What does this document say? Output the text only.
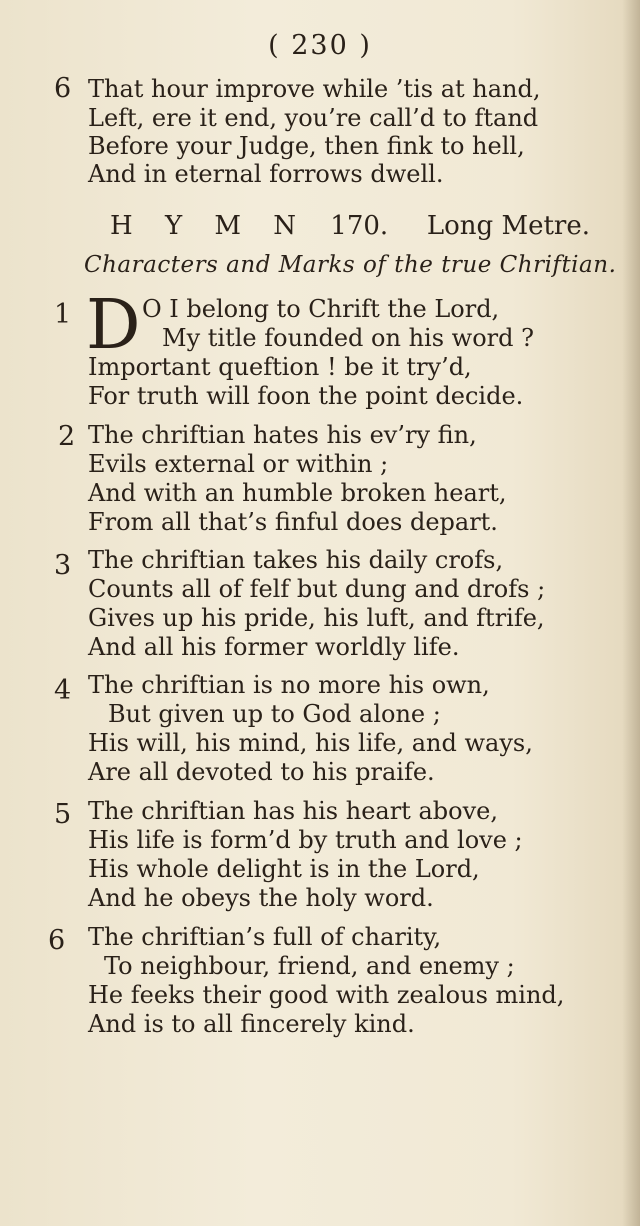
( 230 )
6 That hour improve while ’tis at hand,
Left, ere it end, you’re call’d to ftand
Before your Judge, then fink to hell,
And in eternal forrows dwell.
H Y M N 170. Long Metre.
Characters and Marks of the true Chriftian.
1 D O I belong to Chrift the Lord,
My title founded on his word ?
Important queftion ! be it try’d,
For truth will foon the point decide.
2 The chriftian hates his ev’ry fin,
Evils external or within ;
And with an humble broken heart,
From all that’s finful does depart.
3 The chriftian takes his daily crofs,
Counts all of felf but dung and drofs ;
Gives up his pride, his luft, and ftrife,
And all his former worldly life.
4 The chriftian is no more his own,
But given up to God alone ;
His will, his mind, his life, and ways,
Are all devoted to his praife.
5 The chriftian has his heart above,
His life is form’d by truth and love ;
His whole delight is in the Lord,
And he obeys the holy word.
6 The chriftian’s full of charity,
To neighbour, friend, and enemy ;
He feeks their good with zealous mind,
And is to all fincerely kind.
